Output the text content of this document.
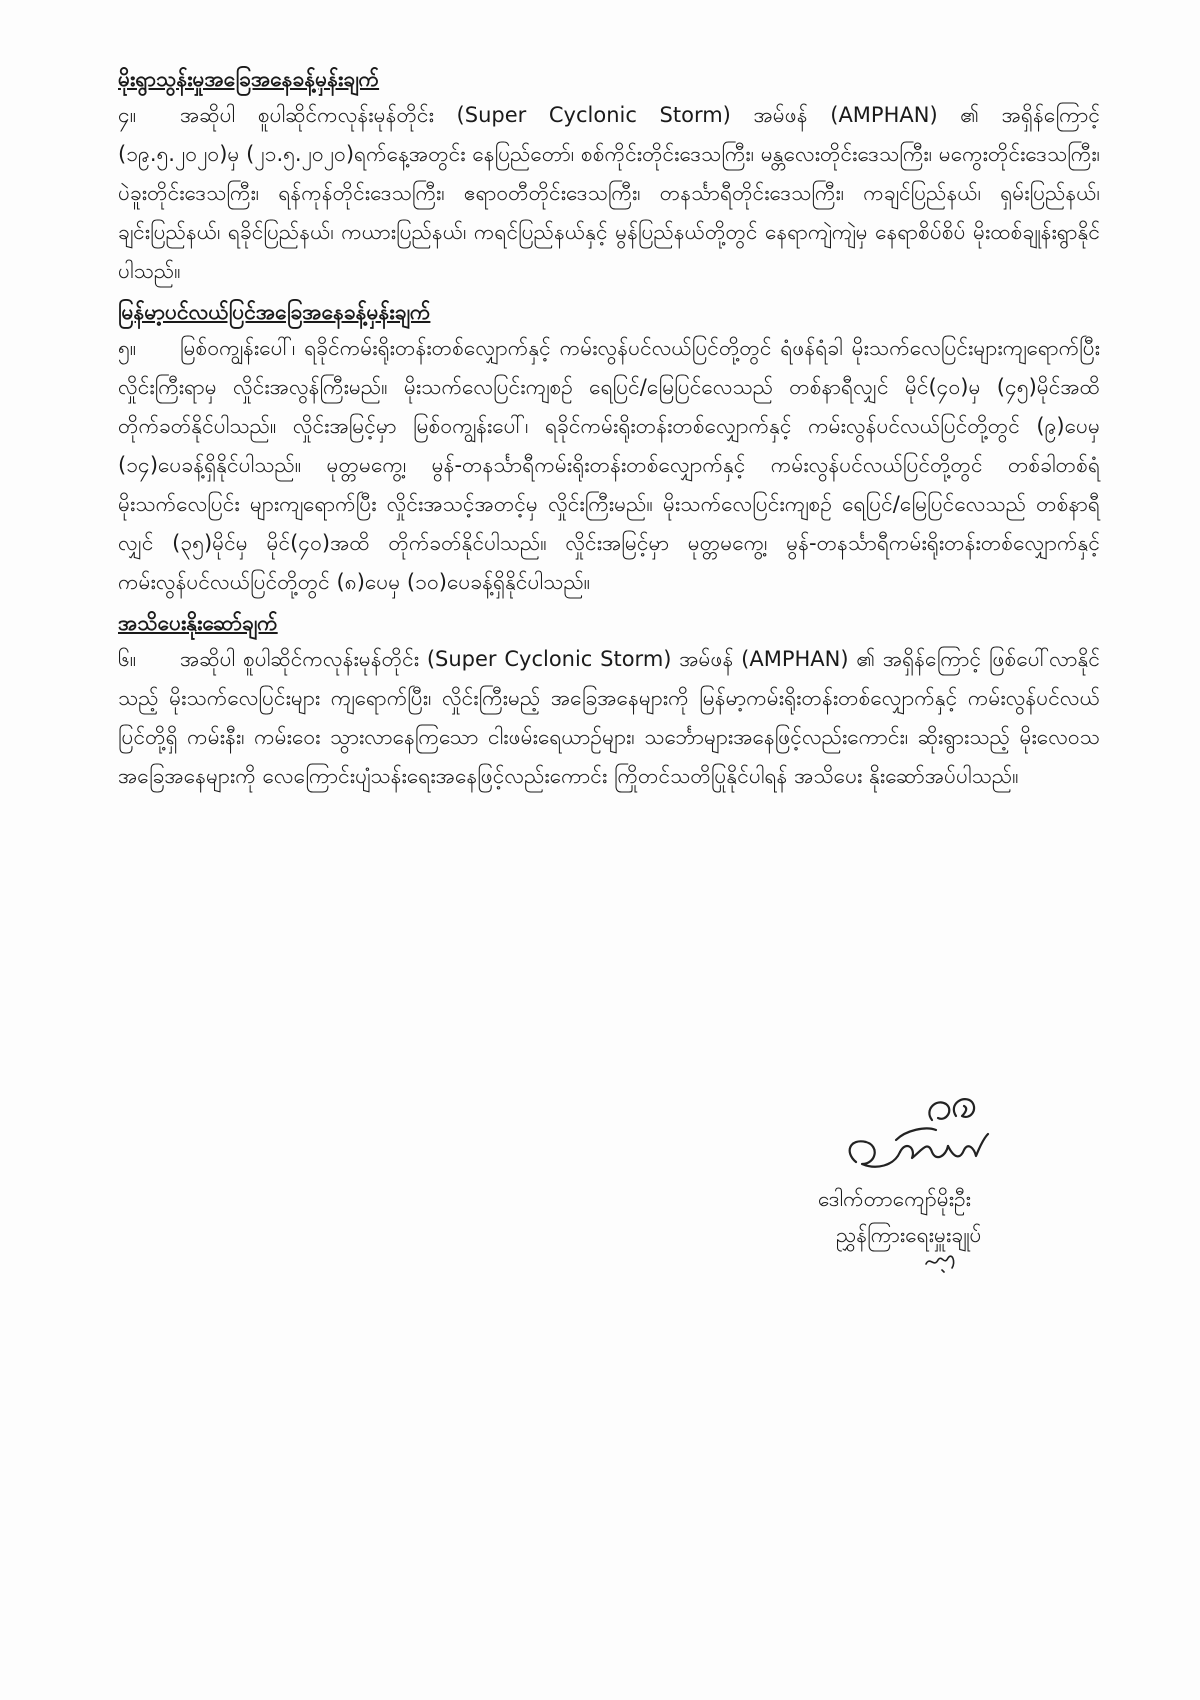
မိုးရွာသွန်းမှုအခြေအနေခန့်မှန်းချက်

၄။ အဆိုပါ စူပါဆိုင်ကလုန်းမုန်တိုင်း (Super Cyclonic Storm) အမ်ဖန် (AMPHAN) ၏ အရှိန်ကြောင့် (၁၉.၅.၂၀၂၀)မှ (၂၁.၅.၂၀၂၀)ရက်နေ့အတွင်း နေပြည်တော်၊ စစ်ကိုင်းတိုင်းဒေသကြီး၊ မန္တလေးတိုင်းဒေသကြီး၊ မကွေးတိုင်းဒေသကြီး၊ ပဲခူးတိုင်းဒေသကြီး၊ ရန်ကုန်တိုင်းဒေသကြီး၊ ဧရာဝတီတိုင်းဒေသကြီး၊ တနင်္သာရီတိုင်းဒေသကြီး၊ ကချင်ပြည်နယ်၊ ရှမ်းပြည်နယ်၊ ချင်းပြည်နယ်၊ ရခိုင်ပြည်နယ်၊ ကယားပြည်နယ်၊ ကရင်ပြည်နယ်နှင့် မွန်ပြည်နယ်တို့တွင် နေရာကျဲကျဲမှ နေရာစိပ်စိပ် မိုးထစ်ချုန်းရွာနိုင်ပါသည်။

မြန်မာ့ပင်လယ်ပြင်အခြေအနေခန့်မှန်းချက်

၅။ မြစ်ဝကျွန်းပေါ်၊ ရခိုင်ကမ်းရိုးတန်းတစ်လျှောက်နှင့် ကမ်းလွန်ပင်လယ်ပြင်တို့တွင် ရံဖန်ရံခါ မိုးသက်လေပြင်းများကျရောက်ပြီး လှိုင်းကြီးရာမှ လှိုင်းအလွန်ကြီးမည်။ မိုးသက်လေပြင်းကျစဉ် ရေပြင်/မြေပြင်လေသည် တစ်နာရီလျှင် မိုင်(၄၀)မှ (၄၅)မိုင်အထိ တိုက်ခတ်နိုင်ပါသည်။ လှိုင်းအမြင့်မှာ မြစ်ဝကျွန်းပေါ်၊ ရခိုင်ကမ်းရိုးတန်းတစ်လျှောက်နှင့် ကမ်းလွန်ပင်လယ်ပြင်တို့တွင် (၉)ပေမှ (၁၄)ပေခန့်ရှိနိုင်ပါသည်။ မုတ္တမကွေ့၊ မွန်-တနင်္သာရီကမ်းရိုးတန်းတစ်လျှောက်နှင့် ကမ်းလွန်ပင်လယ်ပြင်တို့တွင် တစ်ခါတစ်ရံ မိုးသက်လေပြင်း များကျရောက်ပြီး လှိုင်းအသင့်အတင့်မှ လှိုင်းကြီးမည်။ မိုးသက်လေပြင်းကျစဉ် ရေပြင်/မြေပြင်လေသည် တစ်နာရီလျှင် (၃၅)မိုင်မှ မိုင်(၄၀)အထိ တိုက်ခတ်နိုင်ပါသည်။ လှိုင်းအမြင့်မှာ မုတ္တမကွေ့၊ မွန်-တနင်္သာရီကမ်းရိုးတန်းတစ်လျှောက်နှင့် ကမ်းလွန်ပင်လယ်ပြင်တို့တွင် (၈)ပေမှ (၁၀)ပေခန့်ရှိနိုင်ပါသည်။

အသိပေးနိုးဆော်ချက်

၆။ အဆိုပါ စူပါဆိုင်ကလုန်းမုန်တိုင်း (Super Cyclonic Storm) အမ်ဖန် (AMPHAN) ၏ အရှိန်ကြောင့် ဖြစ်ပေါ်လာနိုင်သည့် မိုးသက်လေပြင်းများ ကျရောက်ပြီး၊ လှိုင်းကြီးမည့် အခြေအနေများကို မြန်မာ့ကမ်းရိုးတန်းတစ်လျှောက်နှင့် ကမ်းလွန်ပင်လယ်ပြင်တို့ရှိ ကမ်းနီး၊ ကမ်းဝေး သွားလာနေကြသော ငါးဖမ်းရေယာဉ်များ၊ သင်္ဘောများအနေဖြင့်လည်းကောင်း၊ ဆိုးရွားသည့် မိုးလေဝသအခြေအနေများကို လေကြောင်းပျံသန်းရေးအနေဖြင့်လည်းကောင်း ကြိုတင်သတိပြုနိုင်ပါရန် အသိပေး နိုးဆော်အပ်ပါသည်။

ဒေါက်တာကျော်မိုးဦး
ညွှန်ကြားရေးမှူးချုပ်
